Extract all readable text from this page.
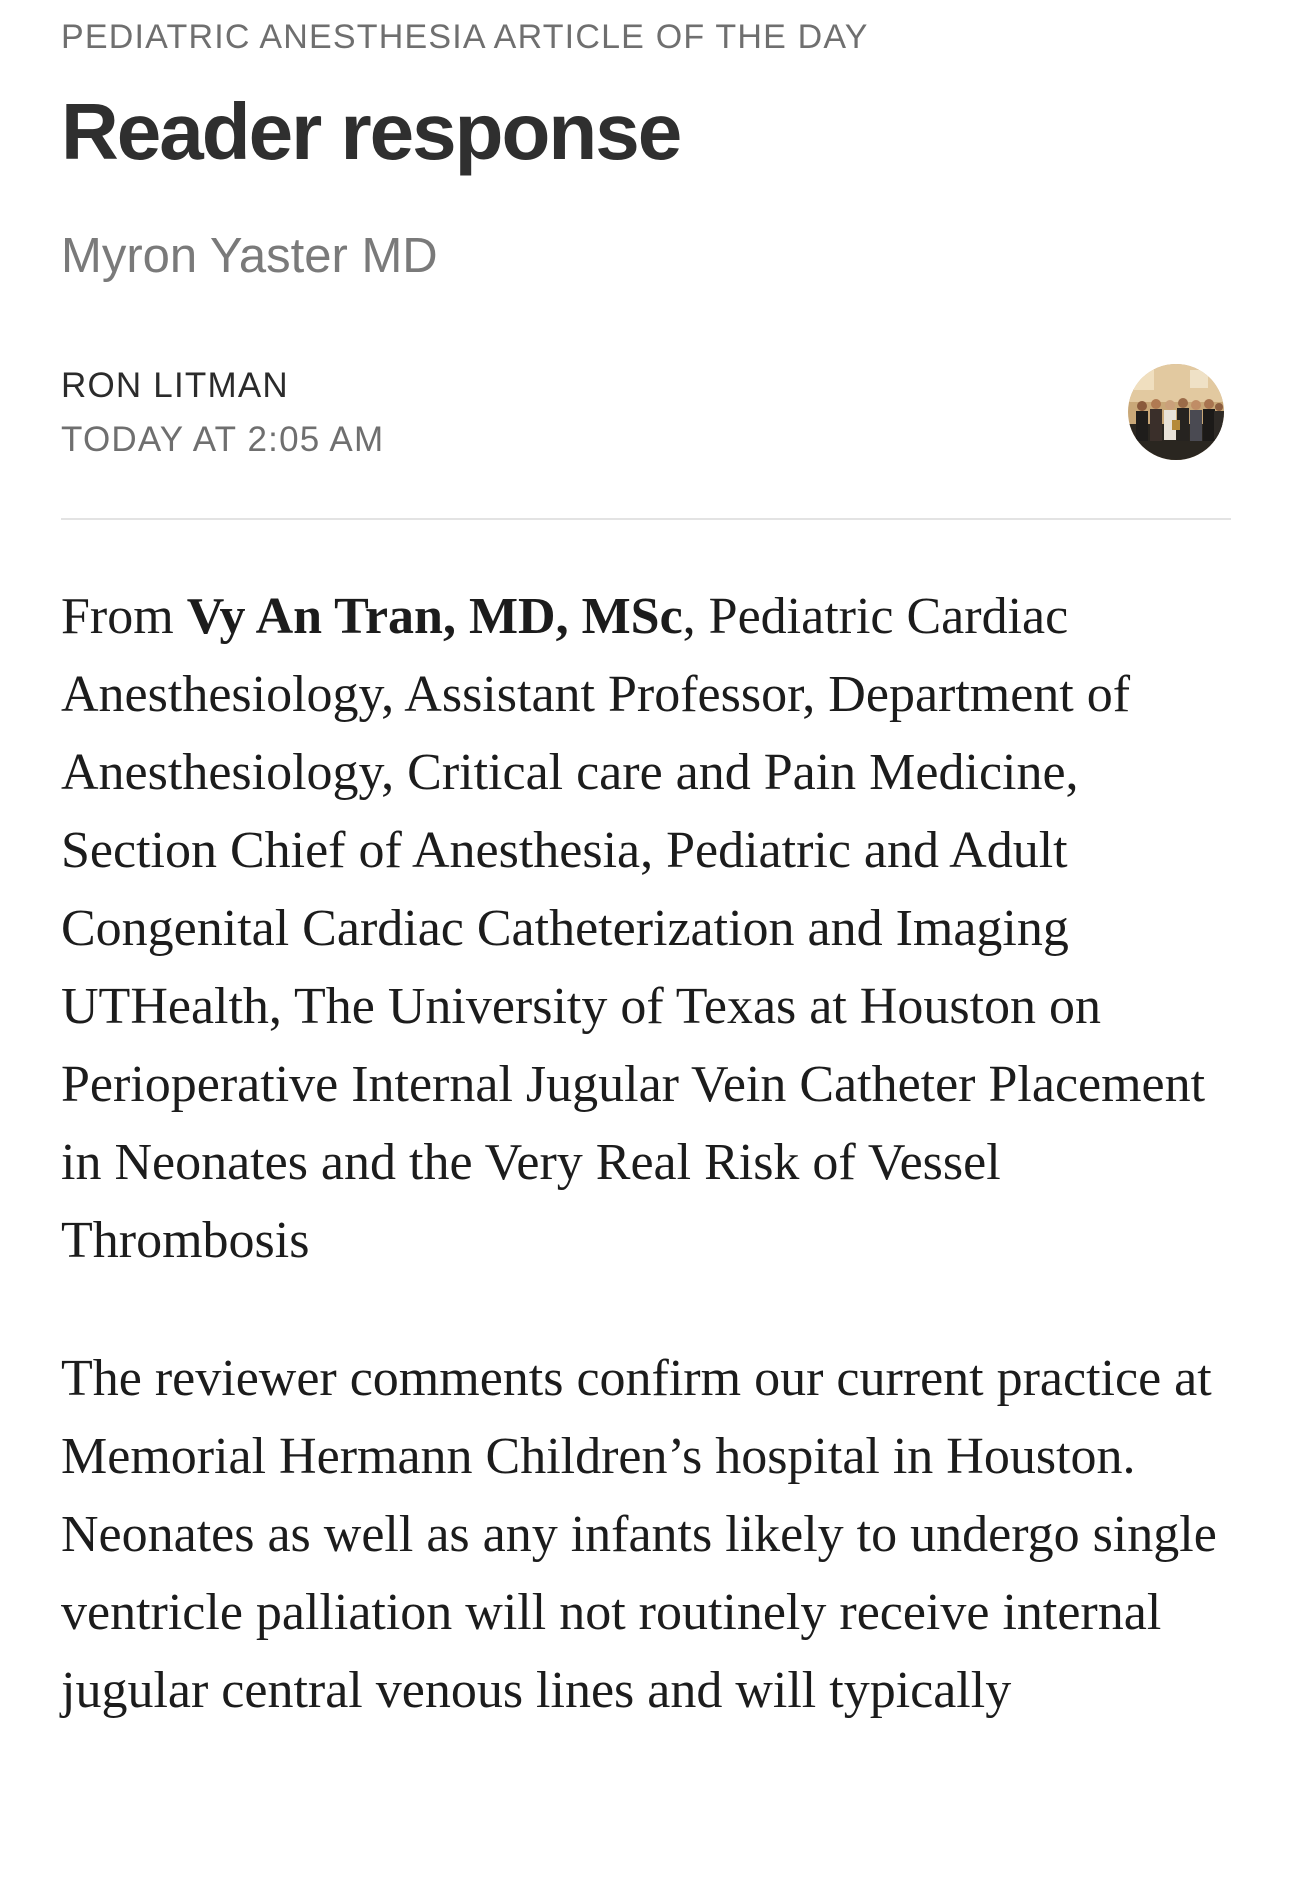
PEDIATRIC ANESTHESIA ARTICLE OF THE DAY
Reader response
Myron Yaster MD
RON LITMAN
TODAY AT 2:05 AM

From Vy An Tran, MD, MSc, Pediatric Cardiac Anesthesiology, Assistant Professor, Department of Anesthesiology, Critical care and Pain Medicine, Section Chief of Anesthesia, Pediatric and Adult Congenital Cardiac Catheterization and Imaging
UTHealth, The University of Texas at Houston on Perioperative Internal Jugular Vein Catheter Placement in Neonates and the Very Real Risk of Vessel Thrombosis

The reviewer comments confirm our current practice at Memorial Hermann Children’s hospital in Houston. Neonates as well as any infants likely to undergo single ventricle palliation will not routinely receive internal jugular central venous lines and will typically
